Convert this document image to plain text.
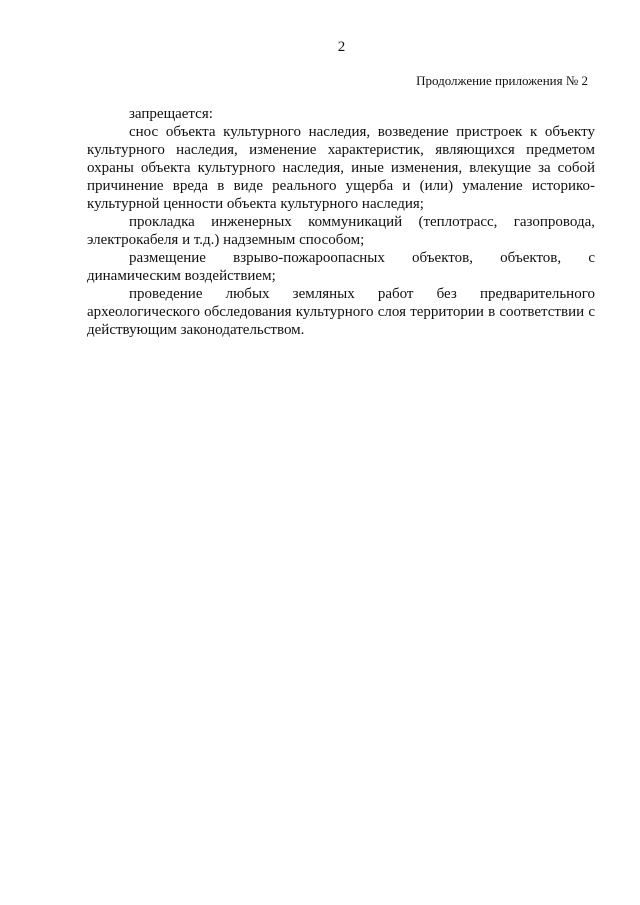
2
Продолжение приложения № 2

запрещается:

снос объекта культурного наследия, возведение пристроек к объекту культурного наследия, изменение характеристик, являющихся предметом охраны объекта культурного наследия, иные изменения, влекущие за собой причинение вреда в виде реального ущерба и (или) умаление историко-культурной ценности объекта культурного наследия;

прокладка инженерных коммуникаций (теплотрасс, газопровода, электрокабеля и т.д.) надземным способом;

размещение взрыво-пожароопасных объектов, объектов, с динамическим воздействием;

проведение любых земляных работ без предварительного археологического обследования культурного слоя территории в соответствии с действующим законодательством.
